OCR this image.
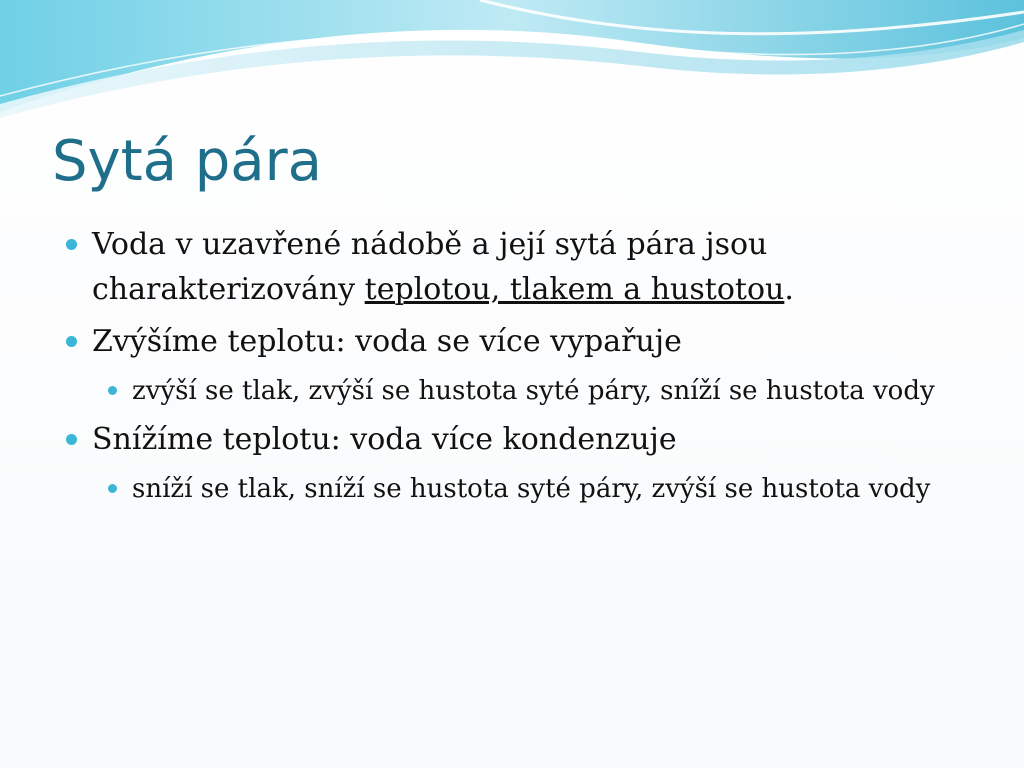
Sytá pára
Voda v uzavřené nádobě a její sytá pára jsou charakterizovány teplotou, tlakem a hustotou.
Zvýšíme teplotu: voda se více vypařuje
zvýší se tlak, zvýší se hustota syté páry, sníží se hustota vody
Snížíme teplotu: voda více kondenzuje
sníží se tlak, sníží se hustota syté páry, zvýší se hustota vody
